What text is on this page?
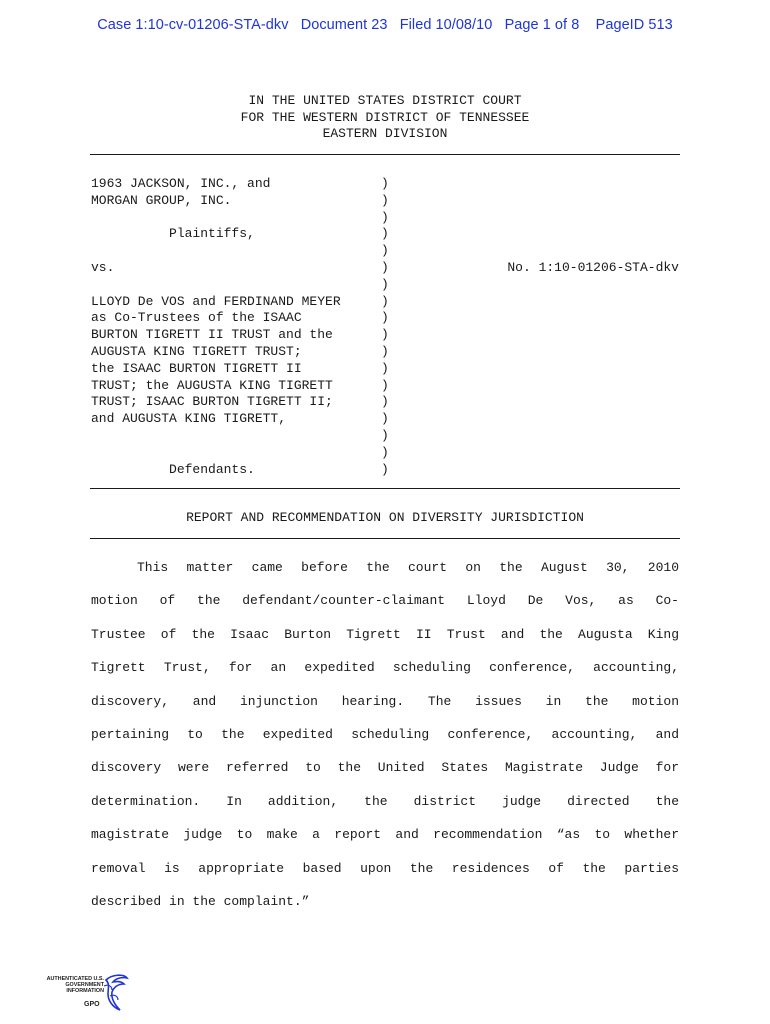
Case 1:10-cv-01206-STA-dkv   Document 23   Filed 10/08/10   Page 1 of 8    PageID 513
IN THE UNITED STATES DISTRICT COURT
FOR THE WESTERN DISTRICT OF TENNESSEE
EASTERN DIVISION
1963 JACKSON, INC., and
MORGAN GROUP, INC.
Plaintiffs,
vs.
LLOYD De VOS and FERDINAND MEYER
as Co-Trustees of the ISAAC
BURTON TIGRETT II TRUST and the
AUGUSTA KING TIGRETT TRUST;
the ISAAC BURTON TIGRETT II
TRUST; the AUGUSTA KING TIGRETT
TRUST; ISAAC BURTON TIGRETT II;
and AUGUSTA KING TIGRETT,
Defendants.
)
)
)
)
)
)
)
)
)
)
)
)
)
)
)
)
)
)
No. 1:10-01206-STA-dkv
REPORT AND RECOMMENDATION ON DIVERSITY JURISDICTION
This matter came before the court on the August 30, 2010
motion of the defendant/counter-claimant Lloyd De Vos, as Co-
Trustee of the Isaac Burton Tigrett II Trust and the Augusta King
Tigrett Trust, for an expedited scheduling conference, accounting,
discovery, and injunction hearing. The issues in the motion
pertaining to the expedited scheduling conference, accounting, and
discovery were referred to the United States Magistrate Judge for
determination. In addition, the district judge directed the
magistrate judge to make a report and recommendation “as to whether
removal is appropriate based upon the residences of the parties
described in the complaint.”
AUTHENTICATED U.S. GOVERNMENT INFORMATION
GPO
